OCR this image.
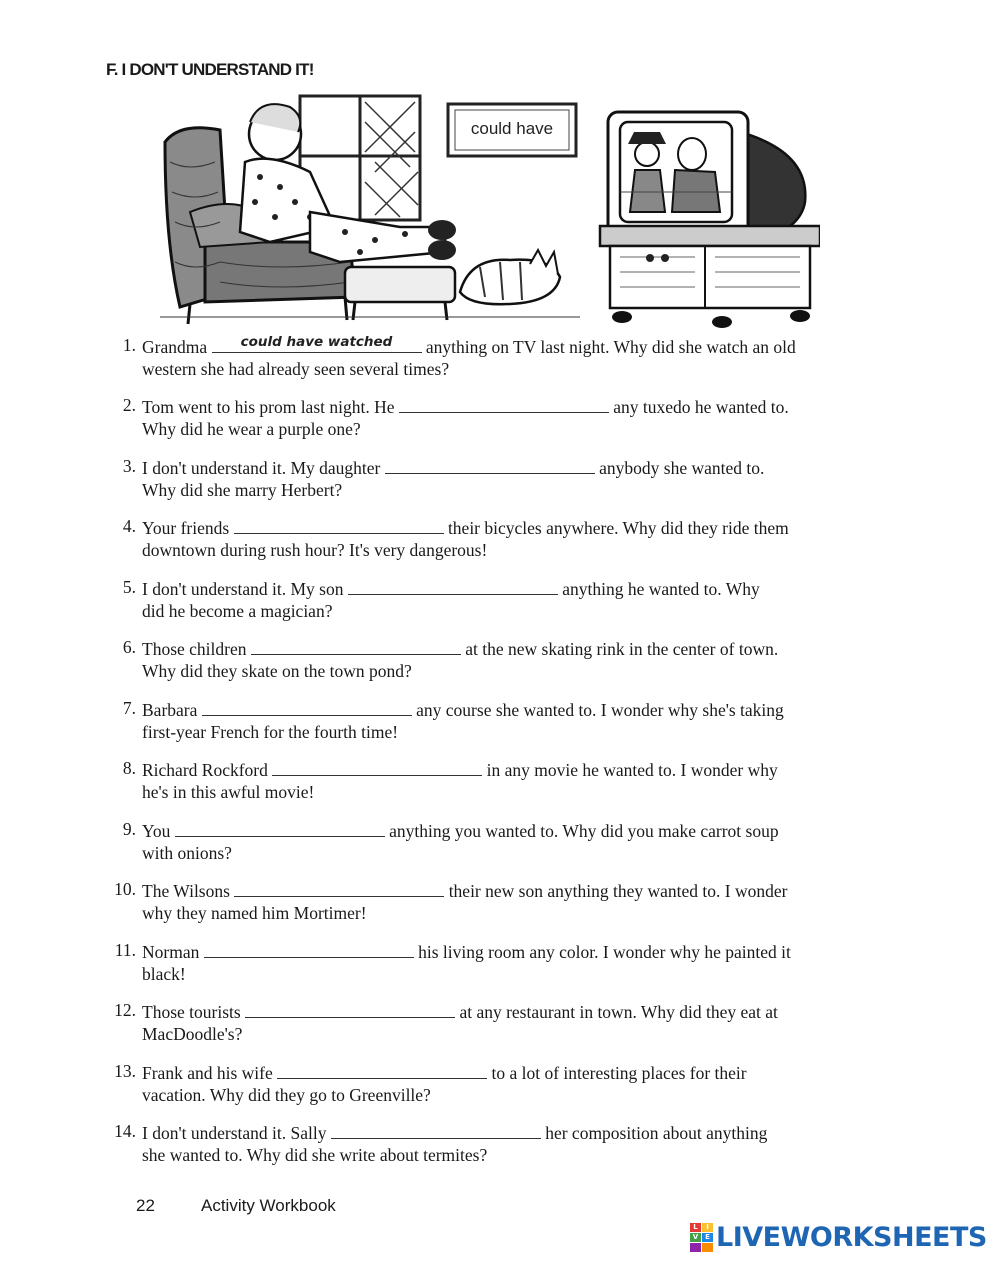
F. I DON'T UNDERSTAND IT!
could have
1. Grandma	could have watched	anything on TV last night. Why did she watch an old
western she had already seen several times?
2. Tom went to his prom last night. He	any tuxedo he wanted to.
Why did he wear a purple one?
3. I don't understand it. My daughter	anybody she wanted to.
Why did she marry Herbert?
4. Your friends	their bicycles anywhere. Why did they ride them
downtown during rush hour? It's very dangerous!
5. I don't understand it. My son	anything he wanted to. Why
did he become a magician?
6. Those children	at the new skating rink in the center of town.
Why did they skate on the town pond?
7. Barbara	any course she wanted to. I wonder why she's taking
first-year French for the fourth time!
8. Richard Rockford	in any movie he wanted to. I wonder why
he's in this awful movie!
9. You	anything you wanted to. Why did you make carrot soup
with onions?
10. The Wilsons	their new son anything they wanted to. I wonder
why they named him Mortimer!
11. Norman	his living room any color. I wonder why he painted it
black!
12. Those tourists	at any restaurant in town. Why did they eat at
MacDoodle's?
13. Frank and his wife	to a lot of interesting places for their
vacation. Why did they go to Greenville?
14. I don't understand it. Sally	her composition about anything
she wanted to. Why did she write about termites?
22	Activity Workbook
L	I
V E LIVEWORKSHEETS
